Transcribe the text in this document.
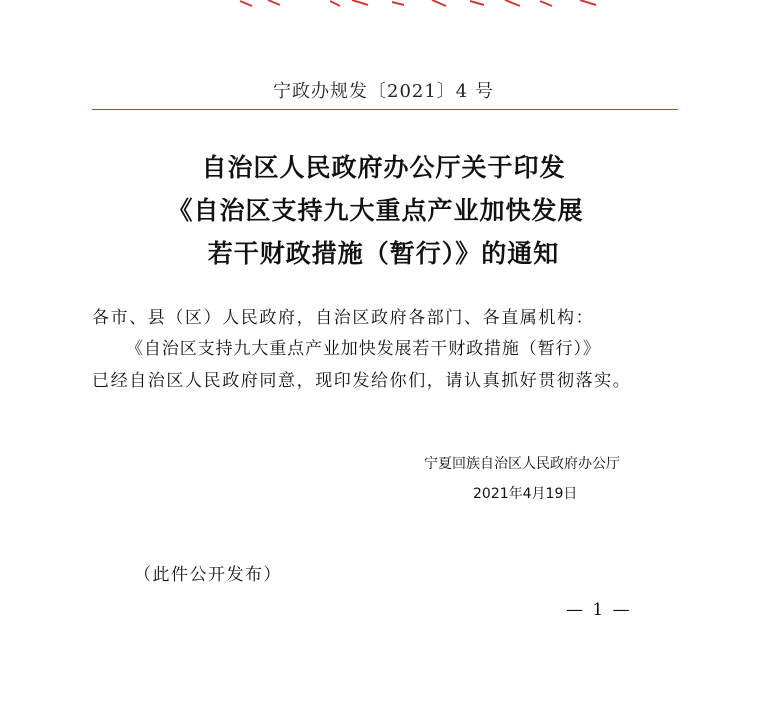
宁政办规发〔2021〕4 号
自治区人民政府办公厅关于印发
《自治区支持九大重点产业加快发展
若干财政措施（暂行）》的通知
各市、县（区）人民政府，自治区政府各部门、各直属机构：
《自治区支持九大重点产业加快发展若干财政措施（暂行）》
已经自治区人民政府同意，现印发给你们，请认真抓好贯彻落实。
宁夏回族自治区人民政府办公厅
2021年4月19日
（此件公开发布）
— 1 —
